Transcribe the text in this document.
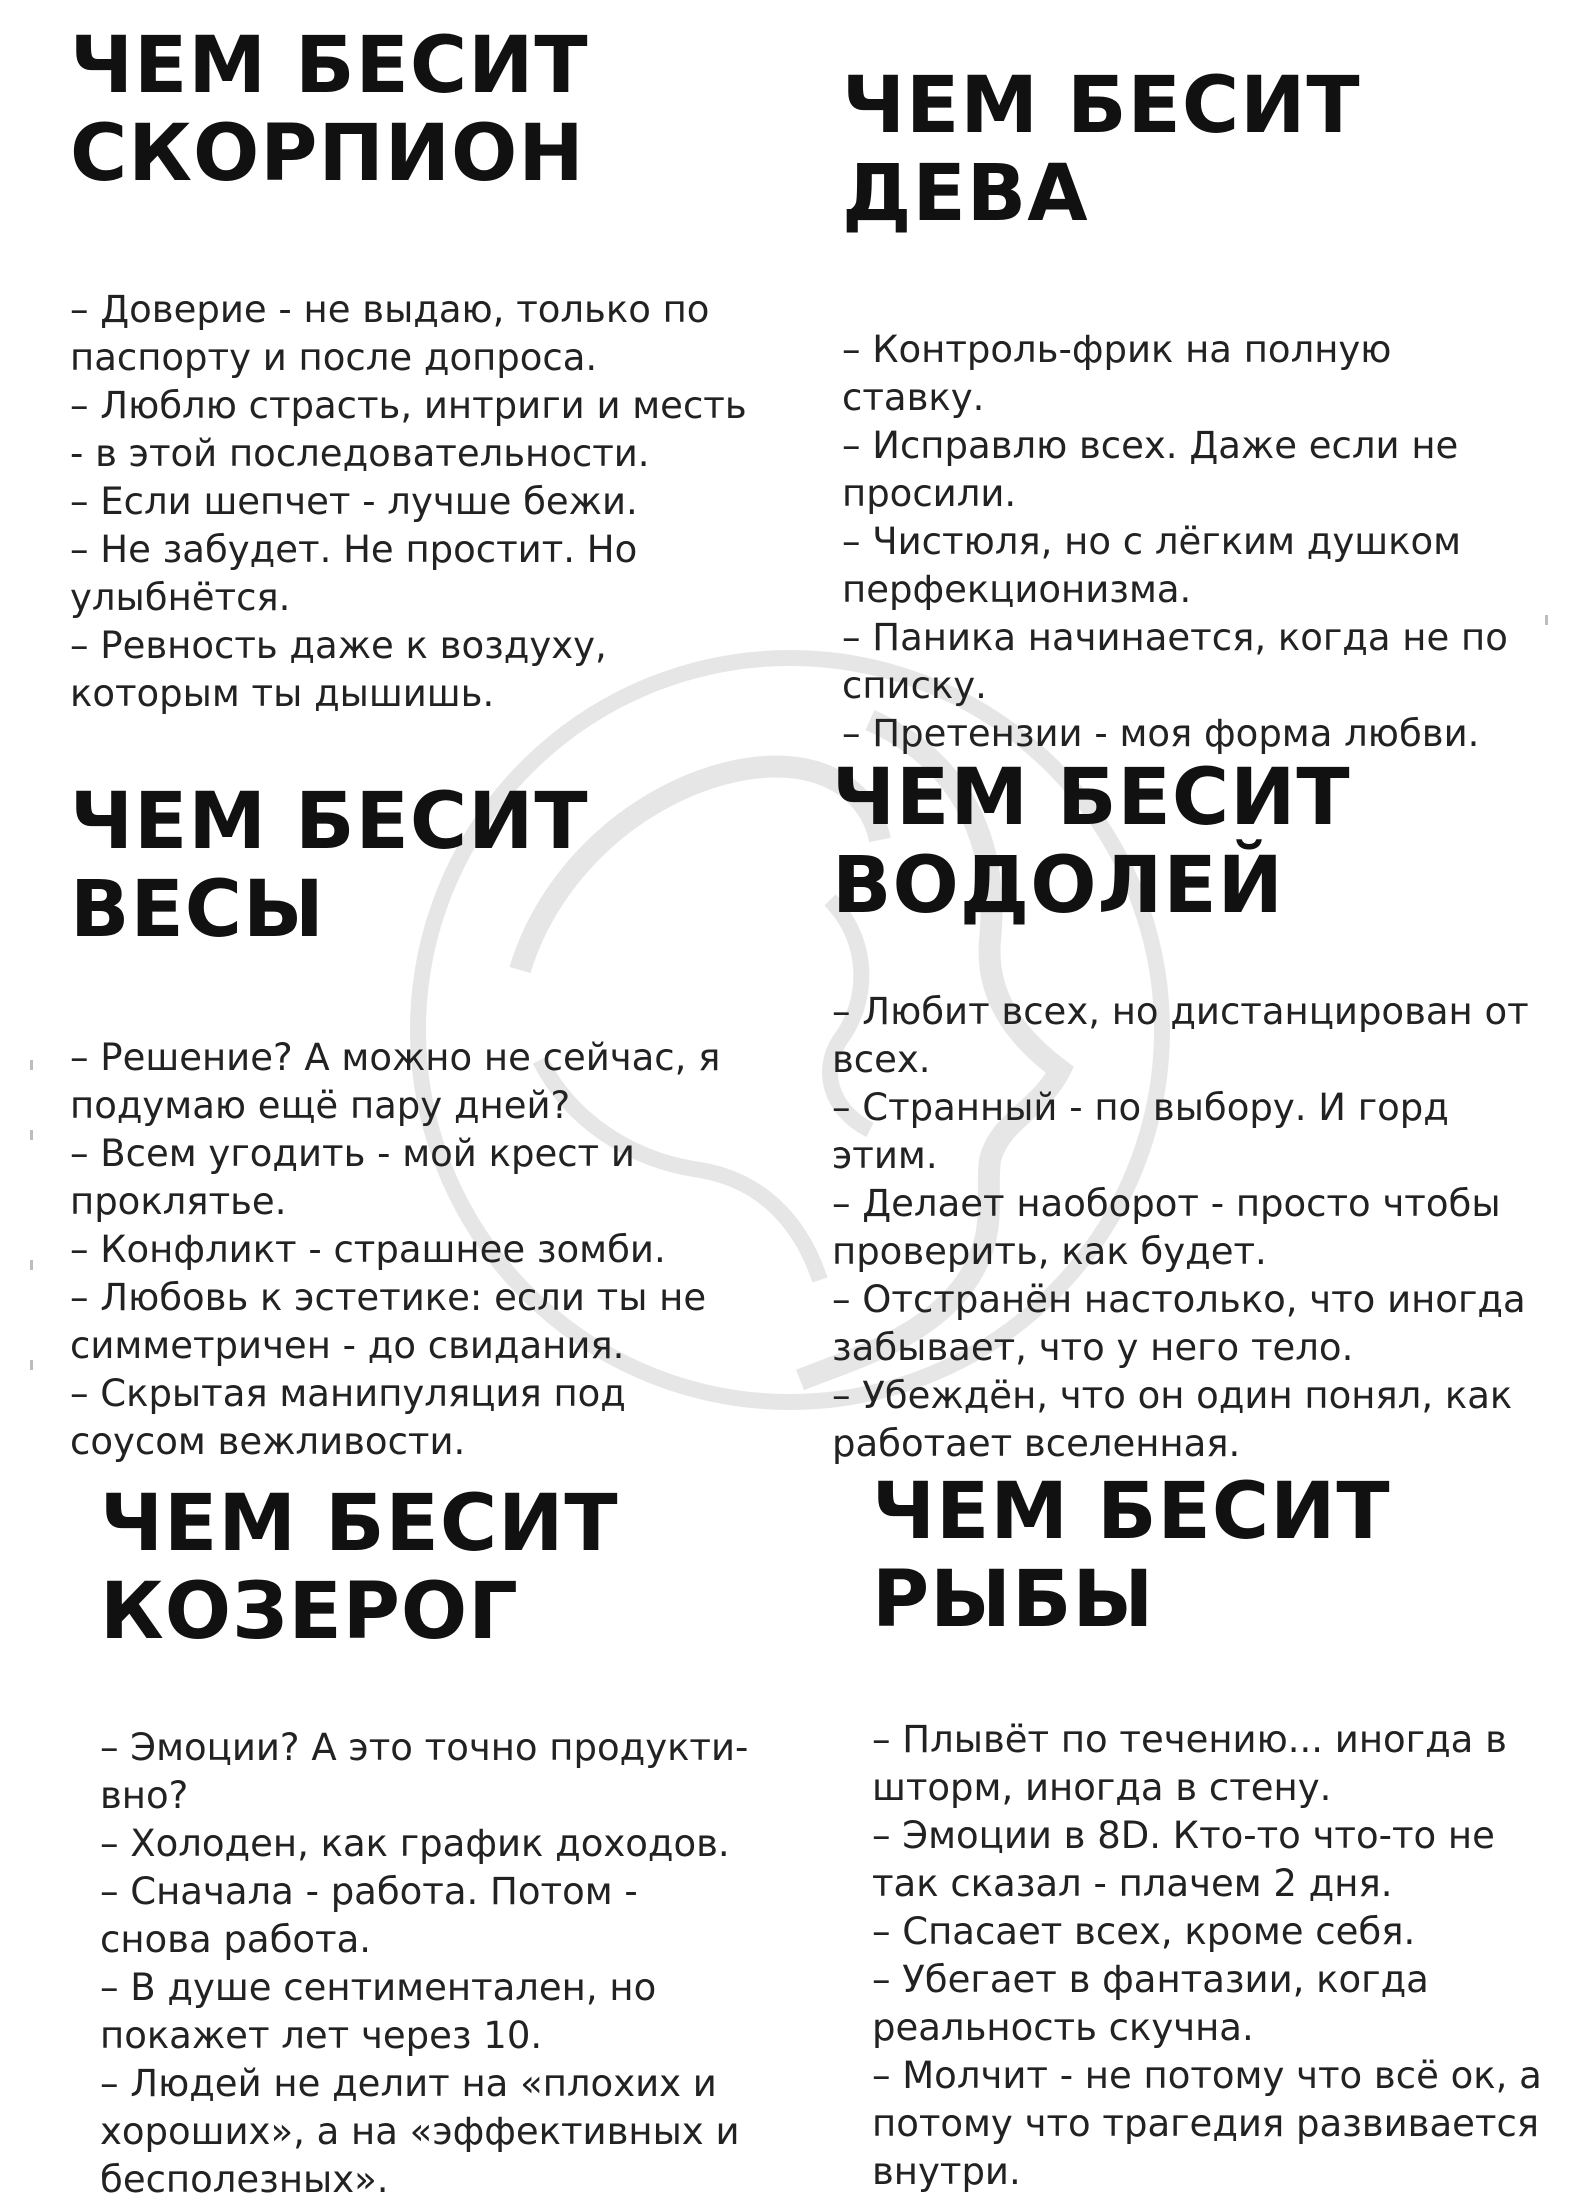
ЧЕМ БЕСИТ
СКОРПИОН
– Доверие - не выдаю, только по паспорту и после допроса.
– Люблю страсть, интриги и месть - в этой последовательности.
– Если шепчет - лучше бежи.
– Не забудет. Не простит. Но улыбнётся.
– Ревность даже к воздуху, которым ты дышишь.
ЧЕМ БЕСИТ
ДЕВА
– Контроль-фрик на полную ставку.
– Исправлю всех. Даже если не просили.
– Чистюля, но с лёгким душком перфекционизма.
– Паника начинается, когда не по списку.
– Претензии - моя форма любви.
ЧЕМ БЕСИТ
ВЕСЫ
– Решение? А можно не сейчас, я подумаю ещё пару дней?
– Всем угодить - мой крест и проклятье.
– Конфликт - страшнее зомби.
– Любовь к эстетике: если ты не симметричен - до свидания.
– Скрытая манипуляция под соусом вежливости.
ЧЕМ БЕСИТ
ВОДОЛЕЙ
– Любит всех, но дистанцирован от всех.
– Странный - по выбору. И горд этим.
– Делает наоборот - просто чтобы проверить, как будет.
– Отстранён настолько, что иногда забывает, что у него тело.
– Убеждён, что он один понял, как работает вселенная.
ЧЕМ БЕСИТ
КОЗЕРОГ
– Эмоции? А это точно продукти-вно?
– Холоден, как график доходов.
– Сначала - работа. Потом - снова работа.
– В душе сентиментален, но покажет лет через 10.
– Людей не делит на «плохих и хороших», а на «эффективных и бесполезных».
ЧЕМ БЕСИТ
РЫБЫ
– Плывёт по течению... иногда в шторм, иногда в стену.
– Эмоции в 8D. Кто-то что-то не так сказал - плачем 2 дня.
– Спасает всех, кроме себя.
– Убегает в фантазии, когда реальность скучна.
– Молчит - не потому что всё ок, а потому что трагедия развивается внутри.
